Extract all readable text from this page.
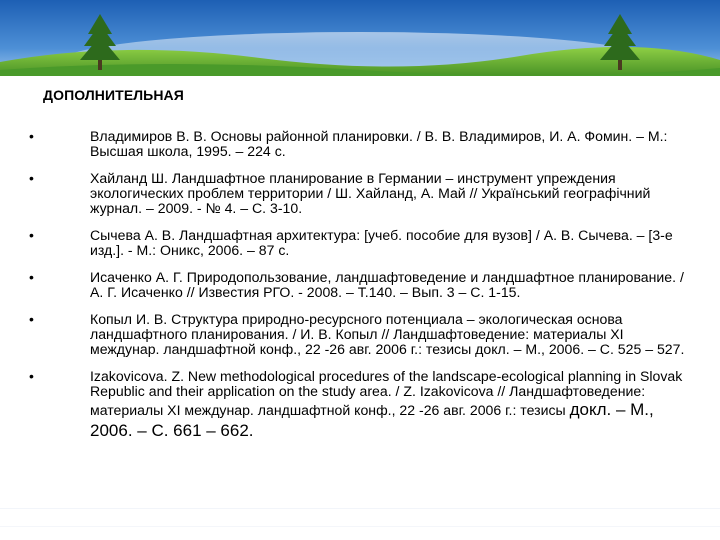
ДОПОЛНИТЕЛЬНАЯ
•	Владимиров В. В. Основы районной планировки. / В. В. Владимиров, И. А. Фомин. – М.: Высшая школа, 1995. – 224 с.
•	Хайланд Ш. Ландшафтное планирование в Германии – инструмент упреждения экологических проблем территории / Ш. Хайланд, А. Май // Український географічний журнал. – 2009. - № 4. – С. 3-10.
•	Сычева А. В. Ландшафтная архитектура: [учеб. пособие для вузов] / А. В. Сычева. – [3-е изд.]. - М.: Оникс, 2006. – 87 с.
•	Исаченко А. Г. Природопользование, ландшафтоведение и ландшафтное планирование. / А. Г. Исаченко // Известия РГО. - 2008. – Т.140. – Вып. 3 – С. 1-15.
•	Копыл И. В. Структура природно-ресурсного потенциала – экологическая основа ландшафтного планирования. / И. В. Копыл // Ландшафтоведение: материалы XI междунар. ландшафтной конф., 22 -26 авг. 2006 г.: тезисы докл. – М., 2006. – С. 525 – 527.
•	Izakovicova. Z. New methodological procedures of the landscape-ecological planning in Slovak Republic and their application on the study area. / Z. Izakovicova // Ландшафтоведение: материалы XI междунар. ландшафтной конф., 22 -26 авг. 2006 г.: тезисы докл. – М., 2006. – С. 661 – 662.
